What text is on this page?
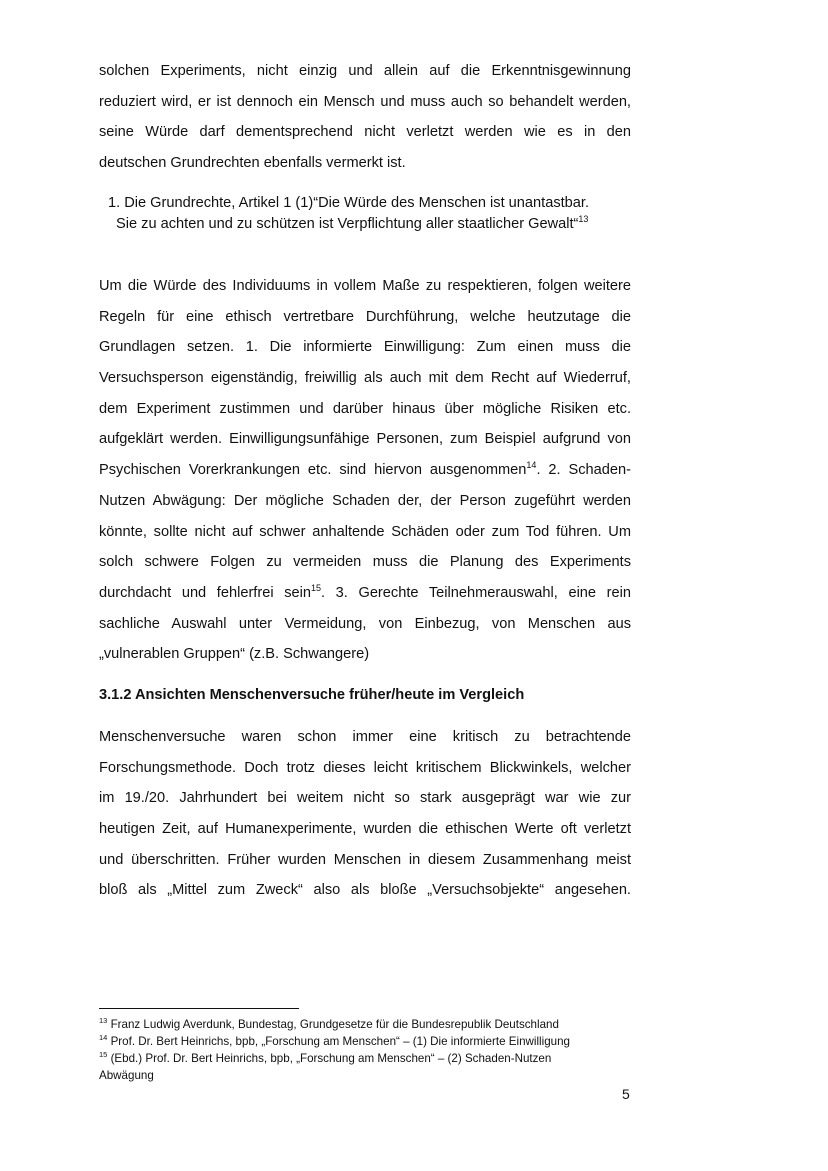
solchen Experiments, nicht einzig und allein auf die Erkenntnisgewinnung
reduziert wird, er ist dennoch ein Mensch und muss auch so behandelt werden,
seine Würde darf dementsprechend nicht verletzt werden wie es in den
deutschen Grundrechten ebenfalls vermerkt ist.
1. Die Grundrechte, Artikel 1 (1)“Die Würde des Menschen ist unantastbar.
Sie zu achten und zu schützen ist Verpflichtung aller staatlicher Gewalt“$^{13}$
Um die Würde des Individuums in vollem Maße zu respektieren, folgen weitere
Regeln für eine ethisch vertretbare Durchführung, welche heutzutage die
Grundlagen setzen. 1. Die informierte Einwilligung: Zum einen muss die
Versuchsperson eigenständig, freiwillig als auch mit dem Recht auf Wiederruf,
dem Experiment zustimmen und darüber hinaus über mögliche Risiken etc.
aufgeklärt werden. Einwilligungsunfähige Personen, zum Beispiel aufgrund von
Psychischen Vorerkrankungen etc. sind hiervon ausgenommen$^{14}$. 2. Schaden-
Nutzen Abwägung: Der mögliche Schaden der, der Person zugeführt werden
könnte, sollte nicht auf schwer anhaltende Schäden oder zum Tod führen. Um
solch schwere Folgen zu vermeiden muss die Planung des Experiments
durchdacht und fehlerfrei sein$^{15}$. 3. Gerechte Teilnehmerauswahl, eine rein
sachliche Auswahl unter Vermeidung, von Einbezug, von Menschen aus
„vulnerablen Gruppen“ (z.B. Schwangere)
3.1.2 Ansichten Menschenversuche früher/heute im Vergleich
Menschenversuche waren schon immer eine kritisch zu betrachtende
Forschungsmethode. Doch trotz dieses leicht kritischem Blickwinkels, welcher
im 19./20. Jahrhundert bei weitem nicht so stark ausgeprägt war wie zur
heutigen Zeit, auf Humanexperimente, wurden die ethischen Werte oft verletzt
und überschritten. Früher wurden Menschen in diesem Zusammenhang meist
bloß als „Mittel zum Zweck“ also als bloße „Versuchsobjekte“ angesehen.
$^{13}$ Franz Ludwig Averdunk, Bundestag, Grundgesetze für die Bundesrepublik Deutschland
$^{14}$ Prof. Dr. Bert Heinrichs, bpb, „Forschung am Menschen“ – (1) Die informierte Einwilligung
$^{15}$ (Ebd.) Prof. Dr. Bert Heinrichs, bpb, „Forschung am Menschen“ – (2) Schaden-Nutzen
Abwägung
5
